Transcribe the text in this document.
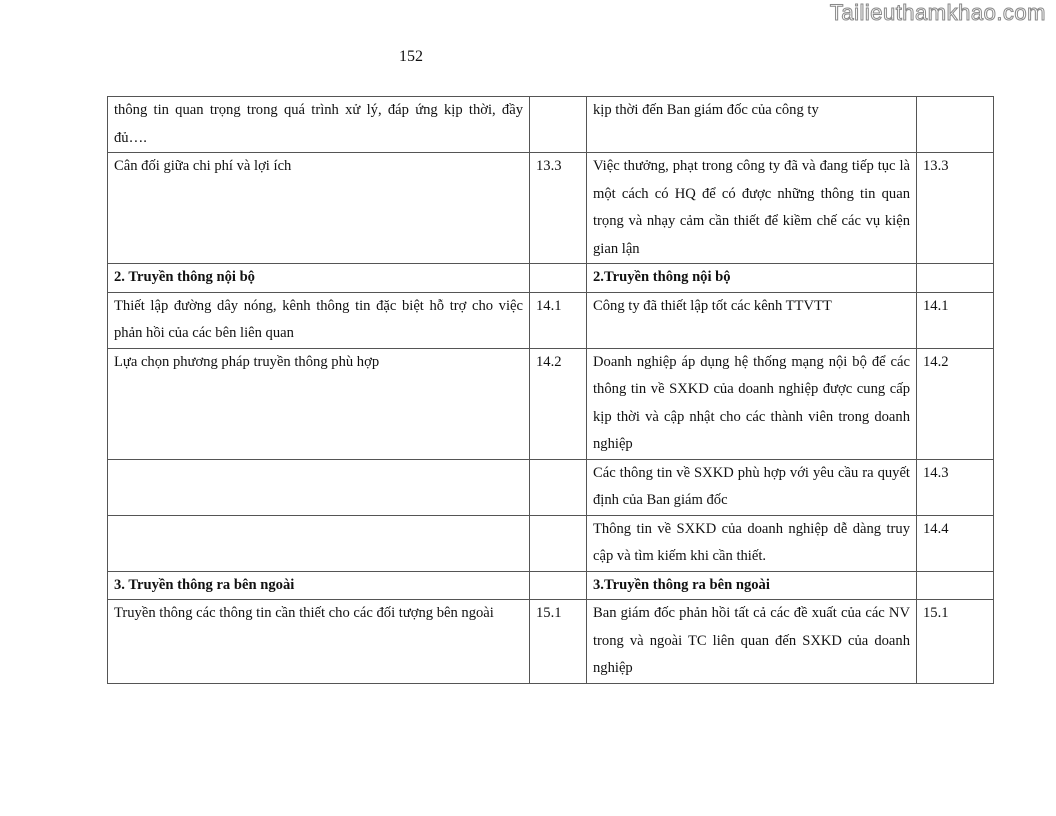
Tailieuthamkhao.com
152
thông tin quan trọng trong quá trình xử lý, đáp ứng kịp thời, đầy đủ….		kịp thời đến Ban giám đốc của công ty	
Cân đối giữa chi phí và lợi ích	13.3	Việc thưởng, phạt trong công ty đã và đang tiếp tục là một cách có HQ để có được những thông tin quan trọng và nhạy cảm cần thiết để kiềm chế các vụ kiện gian lận	13.3
2. Truyền thông nội bộ		2.Truyền thông nội bộ	
Thiết lập đường dây nóng, kênh thông tin đặc biệt hỗ trợ cho việc phản hồi của các bên liên quan	14.1	Công ty đã thiết lập tốt các kênh TTVTT	14.1
Lựa chọn phương pháp truyền thông phù hợp	14.2	Doanh nghiệp áp dụng hệ thống mạng nội bộ để các thông tin về SXKD của doanh nghiệp được cung cấp kịp thời và cập nhật cho các thành viên trong doanh nghiệp	14.2
		Các thông tin về SXKD phù hợp với yêu cầu ra quyết định của Ban giám đốc	14.3
		Thông tin về SXKD của doanh nghiệp dễ dàng truy cập và tìm kiếm khi cần thiết.	14.4
3. Truyền thông ra bên ngoài		3.Truyền thông ra bên ngoài	
Truyền thông các thông tin cần thiết cho các đối tượng bên ngoài	15.1	Ban giám đốc phản hồi tất cả các đề xuất của các NV trong và ngoài TC liên quan đến SXKD của doanh nghiệp	15.1
